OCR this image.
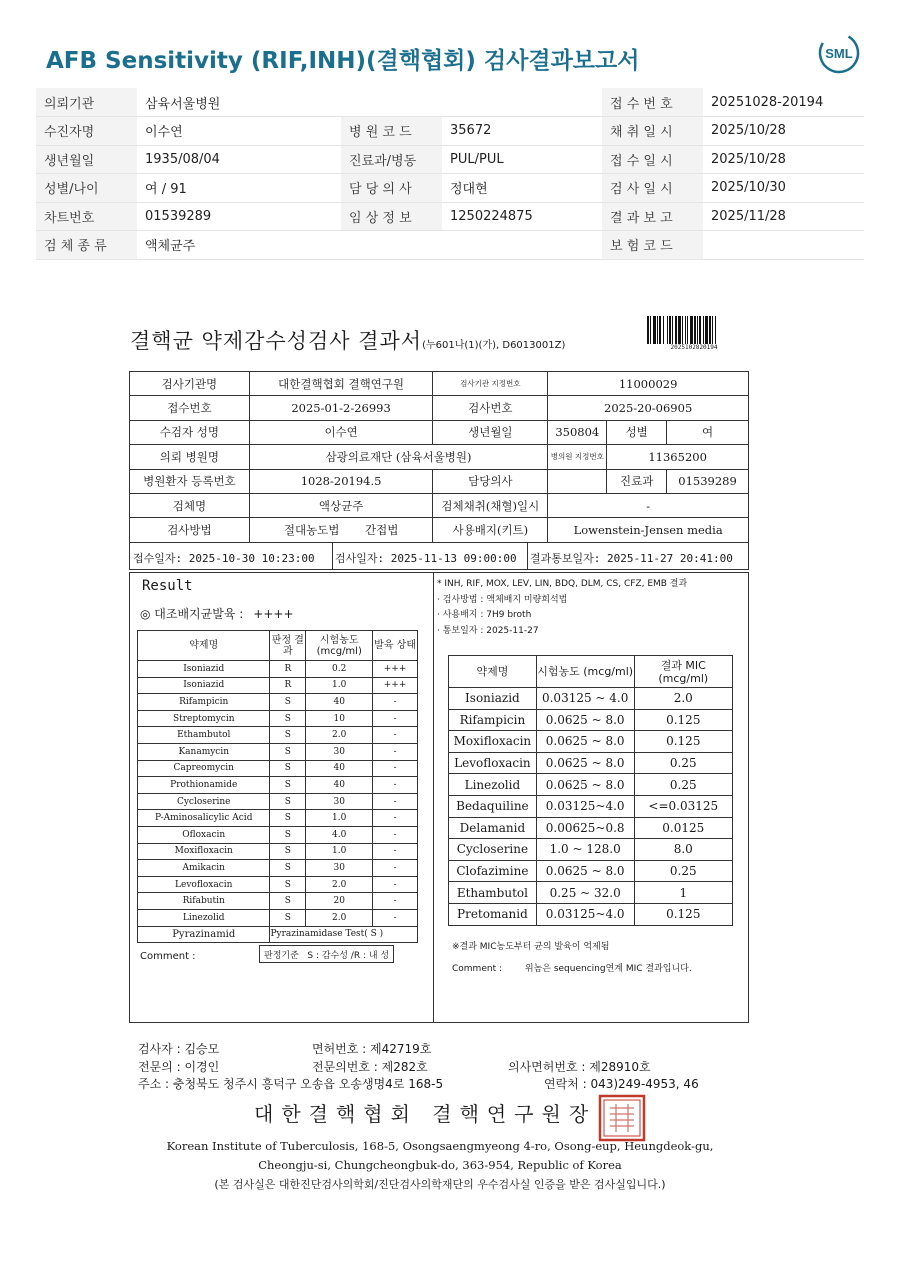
AFB Sensitivity (RIF,INH)(결핵협회) 검사결과보고서	SML
의뢰기관	삼육서울병원			접 수 번 호	20251028-20194
수진자명	이수연	병 원 코 드	35672	채 취 일 시	2025/10/28
생년월일	1935/08/04	진료과/병동	PUL/PUL	접 수 일 시	2025/10/28
성별/나이	여 / 91	담 당 의 사	정대현	검 사 일 시	2025/10/30
차트번호	01539289	임 상 정 보	1250224875	결 과 보 고	2025/11/28
검 체 종 류	액체균주			보 험 코 드	
결핵균 약제감수성검사 결과서(누601나(1)(가), D6013001Z)	2025102820194
검사기관명	대한결핵협회 결핵연구원	검사기관 지정번호	11000029		
접수번호	2025-01-2-26993	검사번호	2025-20-06905		
수검자 성명	이수연	생년월일	350804	성별	여
의뢰 병원명	삼광의료재단 (삼육서울병원)		병의원 지정번호	11365200	
병원환자 등록번호	1028-20194.5	담당의사		진료과	01539289
검체명	액상균주	검체채취(채혈)일시	-		
검사방법	절대농도법 간접법	사용배지(키트)	Lowenstein-Jensen media		
접수일자: 2025-10-30 10:23:00 검사일자: 2025-11-13 09:00:00 결과통보일자: 2025-11-27 20:41:00
Result
◎ 대조배지균발육 : ++++
약제명	판정 결과	시험농도 (mcg/ml)	발육 상태
Isoniazid	R	0.2	+++
Isoniazid	R	1.0	+++
Rifampicin	S	40	-
Streptomycin	S	10	-
Ethambutol	S	2.0	-
Kanamycin	S	30	-
Capreomycin	S	40	-
Prothionamide	S	40	-
Cycloserine	S	30	-
P-Aminosalicylic Acid	S	1.0	-
Ofloxacin	S	4.0	-
Moxifloxacin	S	1.0	-
Amikacin	S	30	-
Levofloxacin	S	2.0	-
Rifabutin	S	20	-
Linezolid	S	2.0	-
Pyrazinamid	Pyrazinamidase Test( S )		
판정기준 S : 감수성 /R : 내 성
Comment :
* INH, RIF, MOX, LEV, LIN, BDQ, DLM, CS, CFZ, EMB 결과
· 검사방법 : 액체배지 미량희석법
· 사용배지 : 7H9 broth
· 통보일자 : 2025-11-27
약제명	시험농도 (mcg/ml)	결과 MIC (mcg/ml)
Isoniazid	0.03125 ~ 4.0	2.0
Rifampicin	0.0625 ~ 8.0	0.125
Moxifloxacin	0.0625 ~ 8.0	0.125
Levofloxacin	0.0625 ~ 8.0	0.25
Linezolid	0.0625 ~ 8.0	0.25
Bedaquiline	0.03125~4.0	<=0.03125
Delamanid	0.00625~0.8	0.0125
Cycloserine	1.0 ~ 128.0	8.0
Clofazimine	0.0625 ~ 8.0	0.25
Ethambutol	0.25 ~ 32.0	1
Pretomanid	0.03125~4.0	0.125
※결과 MIC농도부터 균의 발육이 억제됨
Comment :	위놈은 sequencing연계 MIC 결과입니다.
검사자 : 김승모	면허번호 : 제42719호
전문의 : 이경인	전문의번호 : 제282호	의사면허번호 : 제28910호
주소 : 충청북도 청주시 흥덕구 오송읍 오송생명4로 168-5	연락처 : 043)249-4953, 46
대한결핵협회 결핵연구원장
Korean Institute of Tuberculosis, 168-5, Osongsaengmyeong 4-ro, Osong-eup, Heungdeok-gu,
Cheongju-si, Chungcheongbuk-do, 363-954, Republic of Korea
(본 검사실은 대한진단검사의학회/진단검사의학재단의 우수검사실 인증을 받은 검사실입니다.)
